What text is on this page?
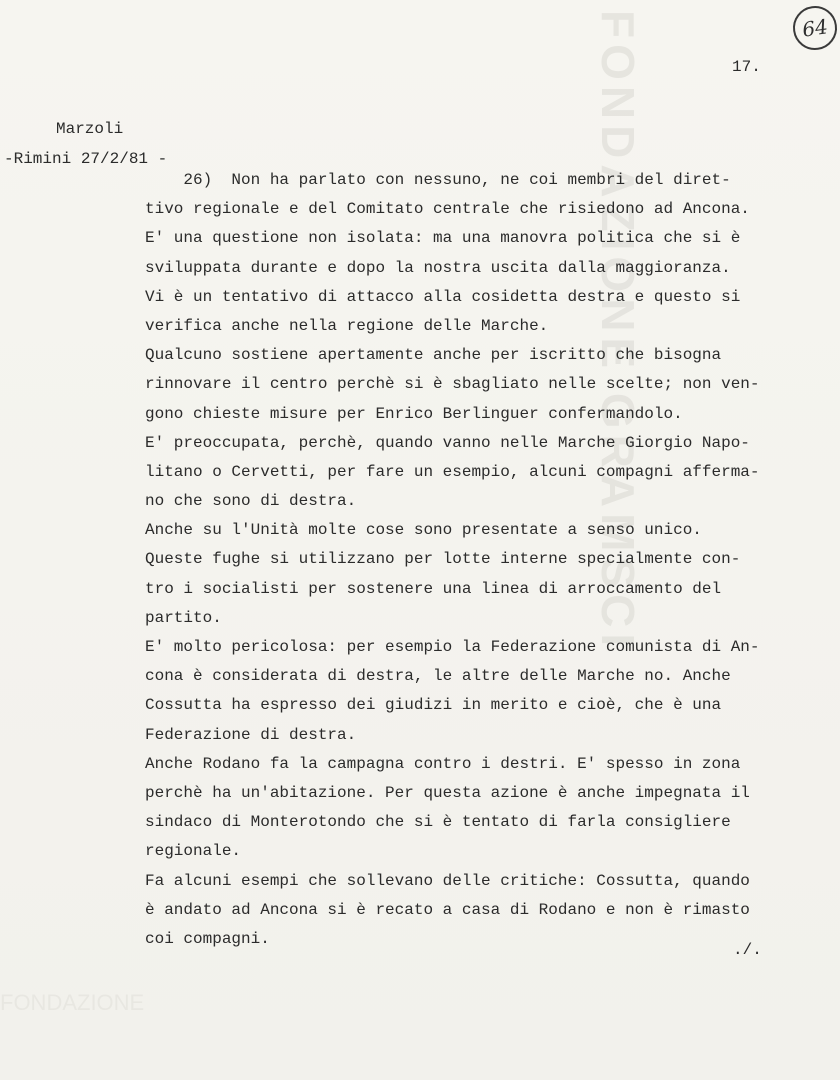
FONDAZIONE GRAMSCI
FONDAZIONE
64
17.
Marzoli
-Rimini 27/2/81 -
26)  Non ha parlato con nessuno, ne coi membri del diret-
tivo regionale e del Comitato centrale che risiedono ad Ancona.
E' una questione non isolata: ma una manovra politica che si è
sviluppata durante e dopo la nostra uscita dalla maggioranza.
Vi è un tentativo di attacco alla cosidetta destra e questo si
verifica anche nella regione delle Marche.
Qualcuno sostiene apertamente anche per iscritto che bisogna
rinnovare il centro perchè si è sbagliato nelle scelte; non ven-
gono chieste misure per Enrico Berlinguer confermandolo.
E' preoccupata, perchè, quando vanno nelle Marche Giorgio Napo-
litano o Cervetti, per fare un esempio, alcuni compagni afferma-
no che sono di destra.
Anche su l'Unità molte cose sono presentate a senso unico.
Queste fughe si utilizzano per lotte interne specialmente con-
tro i socialisti per sostenere una linea di arroccamento del
partito.
E' molto pericolosa: per esempio la Federazione comunista di An-
cona è considerata di destra, le altre delle Marche no. Anche
Cossutta ha espresso dei giudizi in merito e cioè, che è una
Federazione di destra.
Anche Rodano fa la campagna contro i destri. E' spesso in zona
perchè ha un'abitazione. Per questa azione è anche impegnata il
sindaco di Monterotondo che si è tentato di farla consigliere
regionale.
Fa alcuni esempi che sollevano delle critiche: Cossutta, quando
è andato ad Ancona si è recato a casa di Rodano e non è rimasto
coi compagni.
./.
